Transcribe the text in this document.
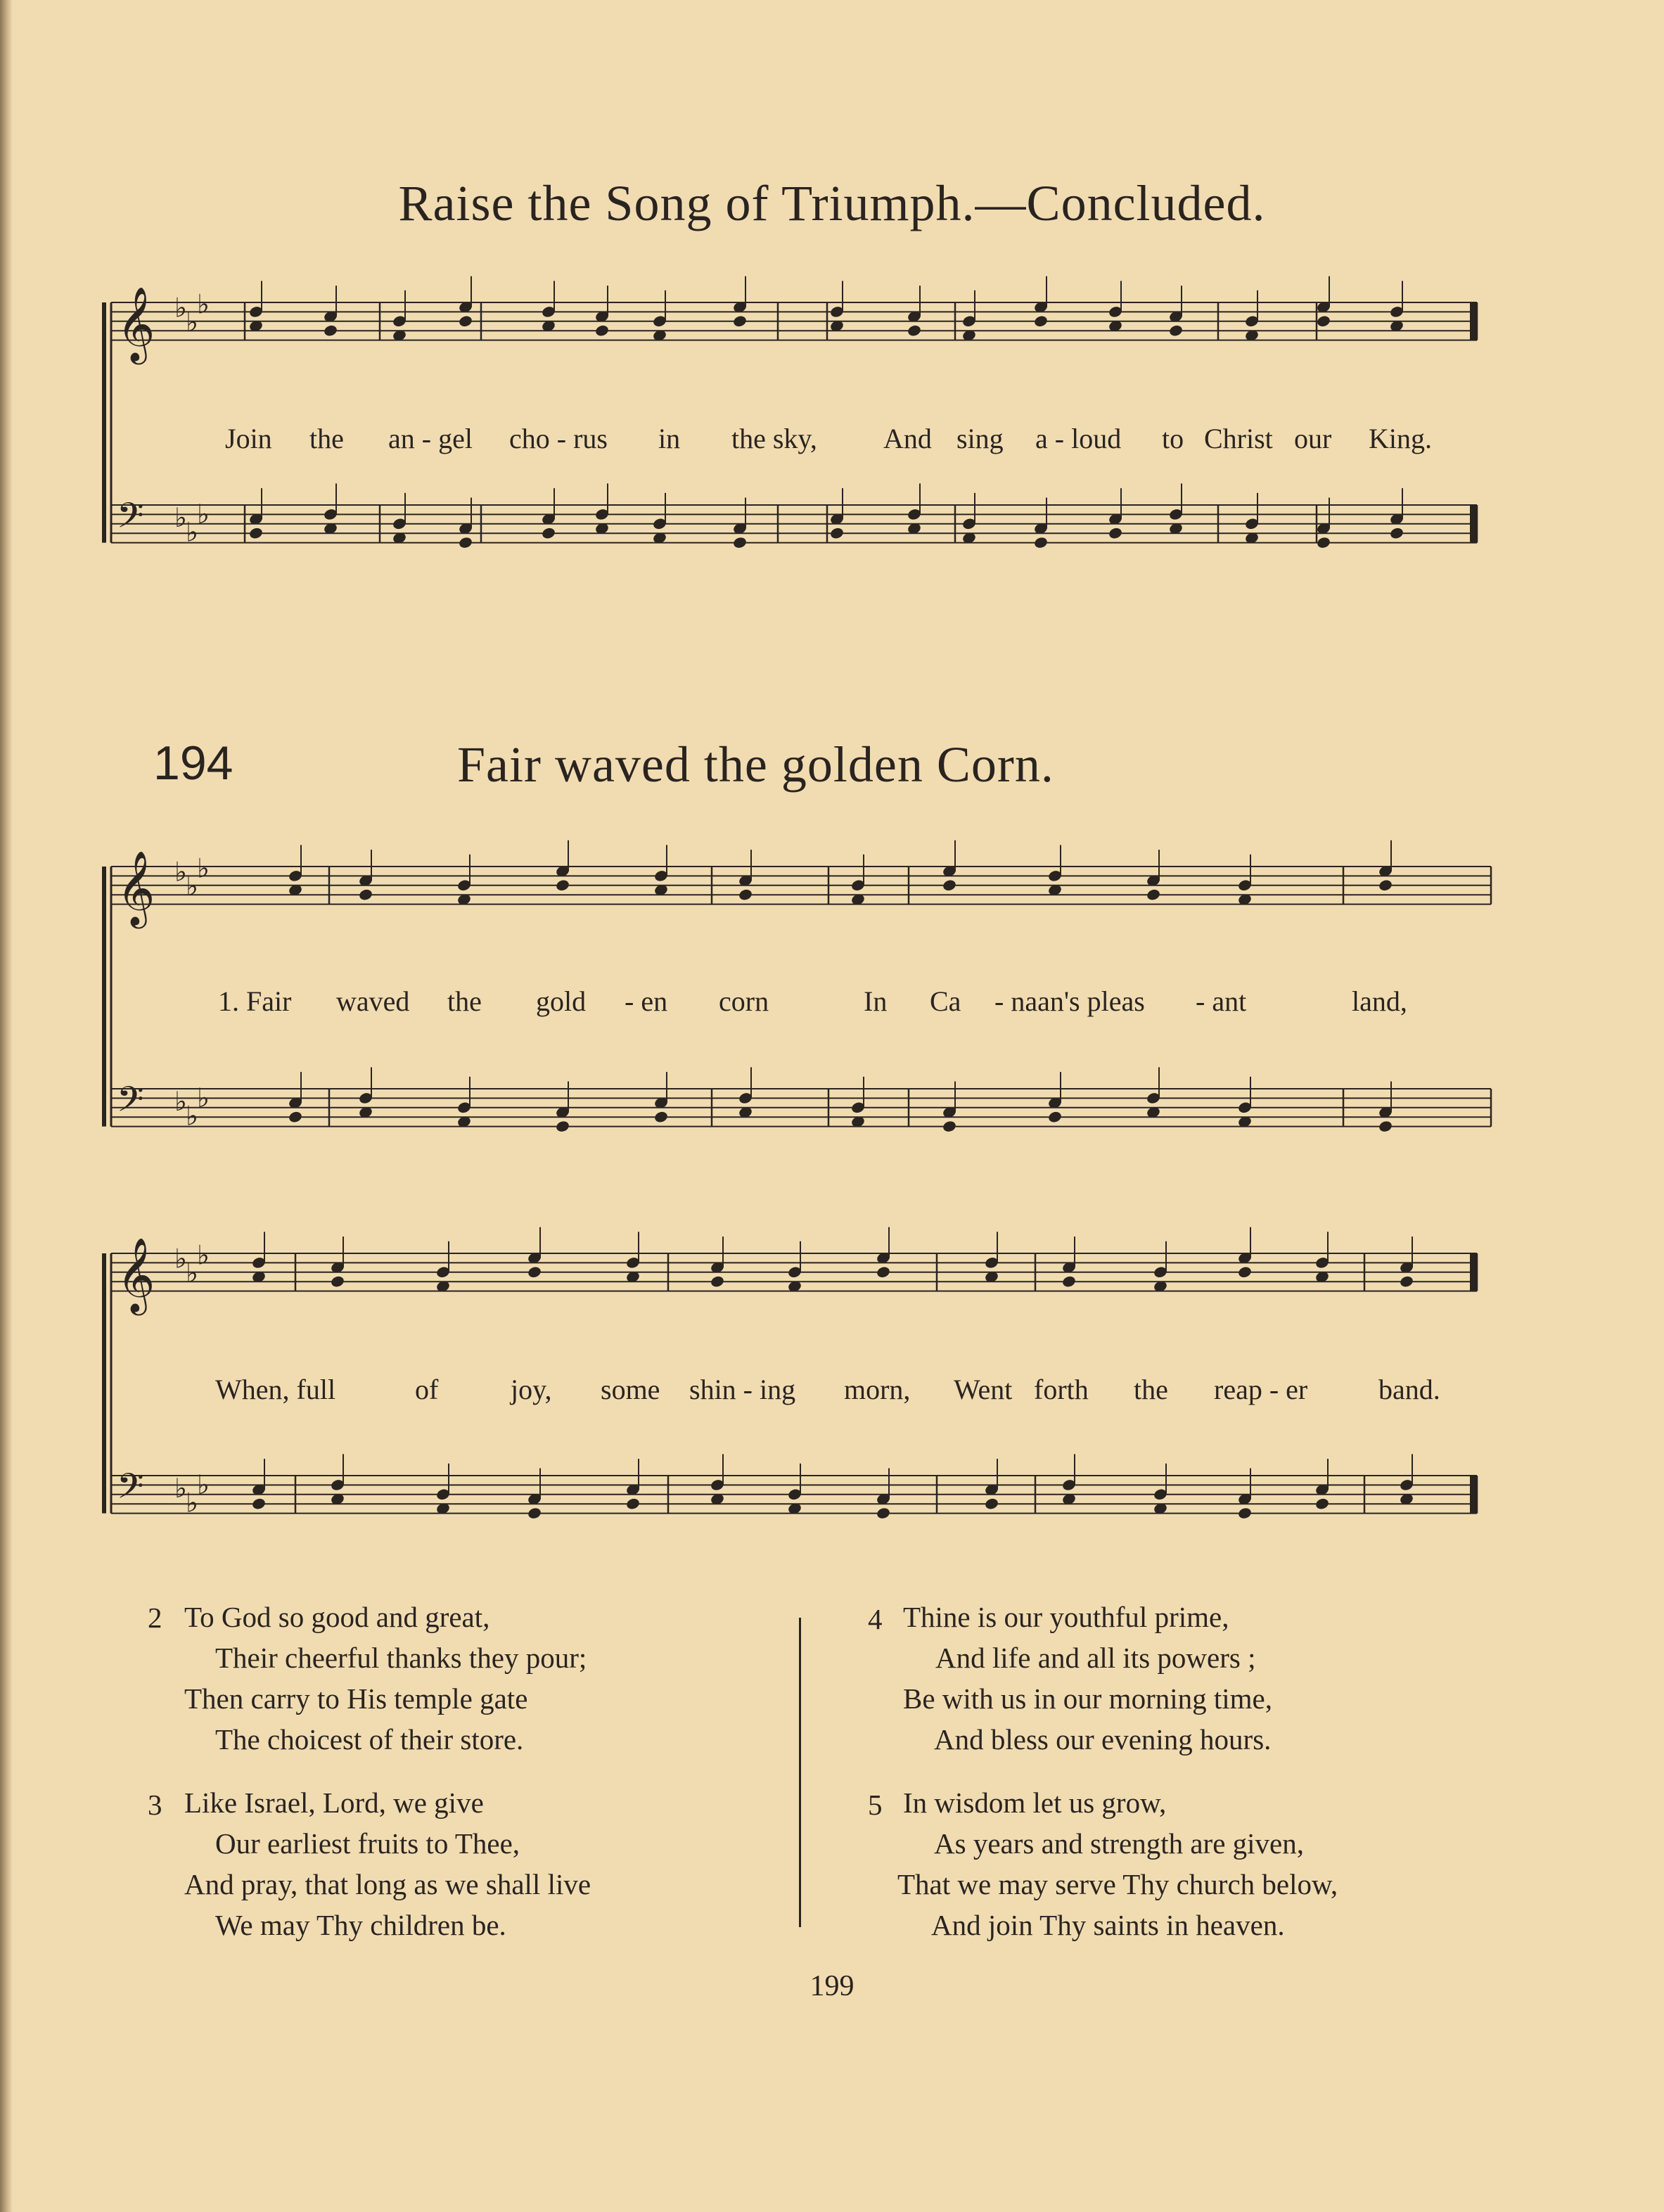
Raise the Song of Triumph.—Concluded.
194	Fair waved the golden Corn.
♭
♭
♭
𝄞
♭
♭
♭
𝄢
♭
♭
♭
𝄞
♭
♭
♭
𝄢
♭
♭
♭
𝄞
♭
♭
♭
𝄢
Join the an - gel cho - rus in the sky, And sing a - loud to Christ our King.
1. Fair waved the gold - en corn	In Ca - naan's pleas - ant	land,
When, full	of	joy, some shin - ing morn, Went forth the reap - er	band.
2 To God so good and great,
Their cheerful thanks they pour;
Then carry to His temple gate
The choicest of their store.
3 Like Israel, Lord, we give
Our earliest fruits to Thee,
And pray, that long as we shall live
We may Thy children be.
4 Thine is our youthful prime,
And life and all its powers ;
Be with us in our morning time,
And bless our evening hours.
5 In wisdom let us grow,
As years and strength are given,
That we may serve Thy church below,
And join Thy saints in heaven.
199
